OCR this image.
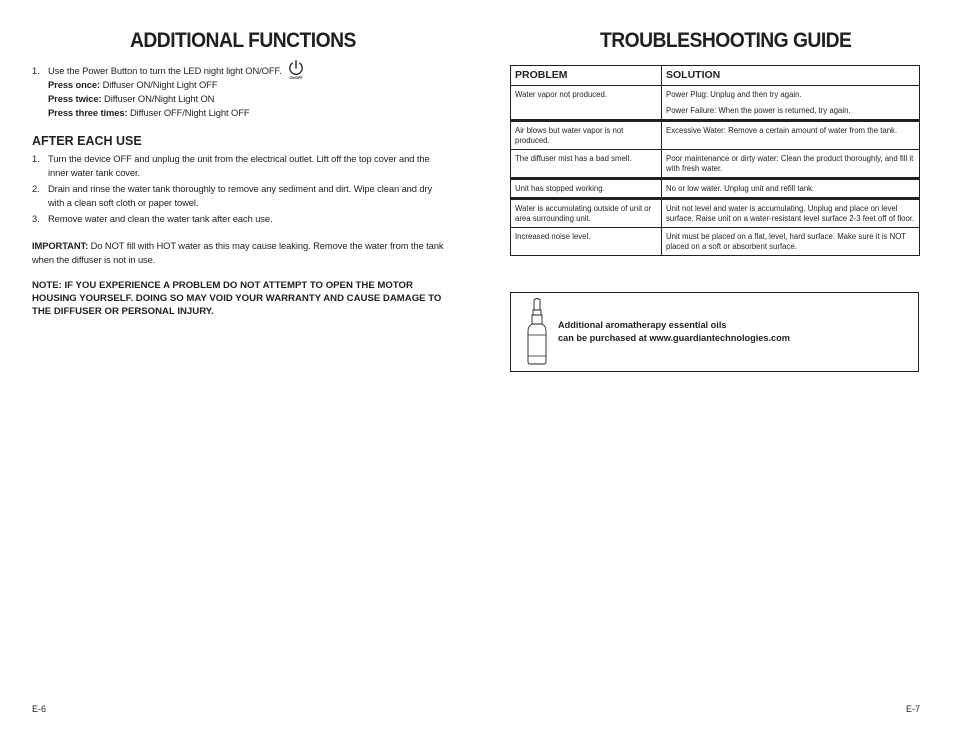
ADDITIONAL FUNCTIONS
1. Use the Power Button to turn the LED night light ON/OFF.
ON/OFF
Press once: Diffuser ON/Night Light OFF
Press twice: Diffuser ON/Night Light ON
Press three times: Diffuser OFF/Night Light OFF
AFTER EACH USE
1. Turn the device OFF and unplug the unit from the electrical outlet. Lift off the top cover and the inner water tank cover.
2. Drain and rinse the water tank thoroughly to remove any sediment and dirt. Wipe clean and dry with a clean soft cloth or paper towel.
3. Remove water and clean the water tank after each use.
IMPORTANT: Do NOT fill with HOT water as this may cause leaking. Remove the water from the tank when the diffuser is not in use.

NOTE: IF YOU EXPERIENCE A PROBLEM DO NOT ATTEMPT TO OPEN THE MOTOR HOUSING YOURSELF. DOING SO MAY VOID YOUR WARRANTY AND CAUSE DAMAGE TO THE DIFFUSER OR PERSONAL INJURY.

E-6
TROUBLESHOOTING GUIDE
PROBLEM	SOLUTION
Water vapor not produced.	Power Plug: Unplug and then try again.

Power Failure: When the power is returned, try again.

Air blows but water vapor is not produced.	Excessive Water: Remove a certain amount of water from the tank.

The diffuser mist has a bad smell.	Poor maintenance or dirty water: Clean the product thoroughly, and fill it with fresh water.

Unit has stopped working.	No or low water. Unplug unit and refill tank.

Water is accumulating outside of unit or area surrounding unit.	Unit not level and water is accumulating. Unplug and place on level surface. Raise unit on a water-resistant level surface 2-3 feet off of floor.

Increased noise level.	Unit must be placed on a flat, level, hard surface. Make sure it is NOT placed on a soft or absorbent surface.

Additional aromatherapy essential oils
can be purchased at www.guardiantechnologies.com
E-7
